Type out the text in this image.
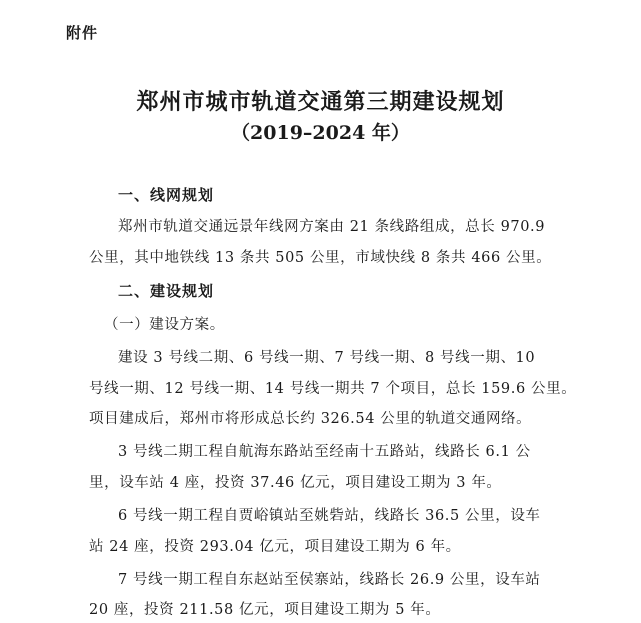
附件
郑州市城市轨道交通第三期建设规划
（2019–2024 年）
一、线网规划
郑州市轨道交通远景年线网方案由 21 条线路组成，总长 970.9
公里，其中地铁线 13 条共 505 公里，市域快线 8 条共 466 公里。
二、建设规划
（一）建设方案。
建设 3 号线二期、6 号线一期、7 号线一期、8 号线一期、10
号线一期、12 号线一期、14 号线一期共 7 个项目，总长 159.6 公里。
项目建成后，郑州市将形成总长约 326.54 公里的轨道交通网络。
3 号线二期工程自航海东路站至经南十五路站，线路长 6.1 公
里，设车站 4 座，投资 37.46 亿元，项目建设工期为 3 年。
6 号线一期工程自贾峪镇站至姚砦站，线路长 36.5 公里，设车
站 24 座，投资 293.04 亿元，项目建设工期为 6 年。
7 号线一期工程自东赵站至侯寨站，线路长 26.9 公里，设车站
20 座，投资 211.58 亿元，项目建设工期为 5 年。
